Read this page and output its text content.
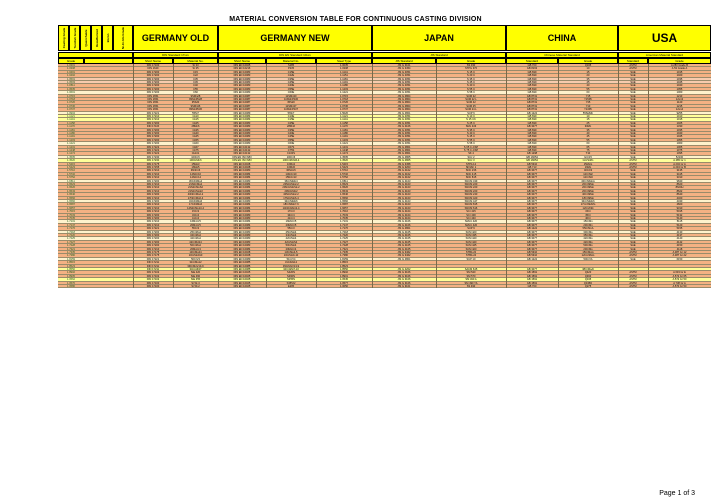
MATERIAL CONVERSION TABLE FOR CONTINUOUS CASTING DIVISION
Casting Grade Tundish Grade Quenchable Resulfurized Boron	Ni-Cr-Mo Grade	GERMANY OLD	GERMANY NEW	JAPAN	CHINA	USA
DIN Standard 17xxx	DIN EN Standard 10xxx	JIS Standard	Chinese Material Standard	American Material Standard
Grade	Short Name	Material No.	Short Name	Material No.	Steel Type	JIS Standard	Grade	Standard	Grade	Standard	Grade
1.0301	DIN 17100	St 33	DIN EN 10025	S185	1.0035	JIS G 3101	SS 330	GB 700	Q195	ASTM	A 283 Grade B
1.0308	DIN 1629	St 35	DIN EN 10216	P235	1.0308	JIS G 3454	STPG 370	GB 8163	10	ASTM	A 53 Grade A
1.0401	DIN 17200	C15	DIN EN 10083	C15E	1.1141	JIS G 4051	S 15 C	GB 699	15	SAE	1015
1.0402	DIN 17200	C22	DIN EN 10083	C22E	1.1151	JIS G 4051	S 20 C	GB 699	20	SAE	1020
1.0501	DIN 17200	C35	DIN EN 10083	C35E	1.1181	JIS G 4051	S 35 C	GB 699	35	SAE	1035
1.0503	DIN 17200	C45	DIN EN 10083	C45E	1.1191	JIS G 4051	S 45 C	GB 699	45	SAE	1045
1.0511	DIN 17200	C40	DIN EN 10083	C40E	1.1186	JIS G 4051	S 40 C	GB 699	40	SAE	1040
1.0535	DIN 17200	C55	DIN EN 10083	C55E	1.1203	JIS G 4051	S 55 C	GB 699	55	SAE	1055
1.0601	DIN 17200	C60	DIN EN 10083	C60E	1.1221	JIS G 4051	S 58 C	GB 699	60	SAE	1060
1.0715	DIN 1651	9SMn28	DIN EN 10087	11SMn30	1.0715	JIS G 4804	SUM 22	GB 8731	Y15	SAE	1213
1.0718	DIN 1651	9SMnPb28	DIN EN 10087	11SMnPb30	1.0718	JIS G 4804	SUM 22 L	GB 8731	Y15Pb	SAE	12L13
1.0726	DIN 1651	35S20	DIN EN 10087	35S20	1.0726	JIS G 4804	SUM 42	GB 8731	Y35	SAE	1140
1.0736	DIN 1651	9SMn36	DIN EN 10087	11SMn37	1.0736	JIS G 4804	SUM 25	GB 8731	Y13	SAE	1215
1.0737	DIN 1651	9SMnPb36	DIN EN 10087	11SMnPb37	1.0737	JIS G 4804	SUM 24 L	GB 8731	Y13Pb	SAE	12L14
1.0904	DIN 17221	55Si7	DIN EN 10089	56Si7	1.5026	JIS G 4801	SUP 6	GB 1222	55Si2Mn	SAE	9255
1.1121	DIN 17210	Ck10	DIN EN 10084	C10E	1.1121	JIS G 4051	S 10 C	GB 699	10	SAE	1010
1.1141	DIN 17210	Ck15	DIN EN 10084	C15E	1.1141	JIS G 4051	S 15 CK	GB 699	15	SAE	1015
1.1158	DIN 17200	Ck25	DIN EN 10083	C25E	1.1158	JIS G 4051	S 25 C	GB 699	25	SAE	1025
1.1170	DIN 17115	28Mn6	DIN EN 10083	28Mn6	1.1170	JIS G 4106	SMn 433	GB 3077	30Mn	SAE	1330
1.1181	DIN 17200	Ck35	DIN EN 10083	C35E	1.1181	JIS G 4051	S 35 C	GB 699	35	SAE	1035
1.1186	DIN 17200	Ck40	DIN EN 10083	C40E	1.1186	JIS G 4051	S 40 C	GB 699	40	SAE	1040
1.1191	DIN 17200	Ck45	DIN EN 10083	C45E	1.1191	JIS G 4051	S 45 C	GB 699	45	SAE	1045
1.1203	DIN 17200	Ck55	DIN EN 10083	C55E	1.1203	JIS G 4051	S 55 C	GB 699	55	SAE	1055
1.1221	DIN 17200	Ck60	DIN EN 10083	C60E	1.1221	JIS G 4051	S 58 C	GB 699	60	SAE	1060
1.1231	DIN 17222	Ck67	DIN EN 10132	C67S	1.1231	JIS G 4801	S 65 C-CSP	GB 699	65	SAE	1065
1.1248	DIN 17222	Ck75	DIN EN 10132	C75S	1.1248	JIS G 4801	S 75 C-CSP	GB 699	75	SAE	1075
1.1274	DIN 17222	Ck101	DIN EN 10132	C100S	1.1274	JIS G 4801	SK 4	GB 1298	T10	SAE	1095
1.3505	DIN 17230	100Cr6	DIN EN ISO 683	100Cr6	1.3505	JIS G 4805	SUJ 2	GB 18254	GCr15	SAE	52100
1.3520	DIN 17230	100CrMn6	DIN EN ISO 683	100CrMnSi6-4	1.3520	JIS G 4805	SUJ 3	GB 18254	GCrSiMn	ASTM	A 485 Gr 1
1.5415	DIN 17175	15Mo3	DIN EN 10028	16Mo3	1.5415	JIS G 3458	STPA 12	GB 5310	15MoG	ASTM	A 204 Gr A
1.5423	DIN 17155	16Mo5	DIN EN 10028	16Mo5	1.5423	JIS G 3203	SFVAF 1	GB 713	16Mo	ASTM	A 204 Gr B
1.5710	DIN 17210	36NiCr6	DIN EN 10083	36NiCr6	1.5710	JIS G 4102	SNC 236	GB 3077	40CrNi	SAE	3135
1.5732	DIN 17210	14NiCr10	DIN EN 10084	14NiCr10	1.5732	JIS G 4102	SNC 415	GB 3077	12CrNi2	SAE	3415
1.5752	DIN 17210	14NiCr14	DIN EN 10084	15NiCr13	1.5752	JIS G 4102	SNC 815	GB 3077	12CrNi3	SAE	3310
1.6511	DIN 17200	36CrNiMo4	DIN EN 10083	36CrNiMo4	1.6511	JIS G 4103	SNCM 439	GB 3077	40CrNiMoA	SAE	9840
1.6523	DIN 17210	21NiCrMo2	DIN EN 10084	20NiCrMo2-2	1.6523	JIS G 4103	SNCM 220	GB 3077	20CrNiMo	SAE	8620
1.6526	DIN 17210	21NiCrMoS2	DIN EN 10084	20NiCrMoS2-2	1.6526	JIS G 4103	SNCM 220	GB 3077	20CrNiMo	SAE	8620H
1.6543	DIN 17210	21NiCrMo22	DIN EN 10084	20NiCrMo2	1.6543	JIS G 4103	SNCM 220	GB 3077	20CrNiMo	SAE	8622
1.6546	DIN 17200	40NiCrMo2-2	DIN EN 10083	40NiCrMo2-2	1.6546	JIS G 4103	SNCM 240	GB 3077	40CrNiMo	SAE	8640
1.6566	DIN 17210	17NiCrMo6-4	DIN EN 10084	17NiCrMo6-4	1.6566	JIS G 4103	SNCM 420	GB 3077	18CrNiMo	SAE	4320
1.6582	DIN 17200	34CrNiMo6	DIN EN 10083	34CrNiMo6	1.6582	JIS G 4103	SNCM 447	GB 3077	34CrNiMo6	SAE	4340
1.6587	DIN 17210	17CrNiMo6	DIN EN 10084	18CrNiMo7-6	1.6587	JIS G 4103	SNCM 815	GB 3077	17Cr2Ni2Mo	SAE	4820
1.6657	DIN 17210	14NiCrMo13-4	DIN EN 10084	14NiCrMo13-4	1.6657	JIS G 4103	SNCM 616	GB 3077	12Cr2Ni4	SAE	9310
1.7015	DIN 17210	15Cr3	DIN EN 10084	17Cr3	1.7016	JIS G 4104	SCr 415	GB 3077	15Cr	SAE	5015
1.7033	DIN 17200	34Cr4	DIN EN 10083	34Cr4	1.7033	JIS G 4104	SCr 430	GB 3077	35Cr	SAE	5132
1.7035	DIN 17200	41Cr4	DIN EN 10083	41Cr4	1.7035	JIS G 4104	SCr 440	GB 3077	40Cr	SAE	5140
1.7131	DIN 17210	16MnCr5	DIN EN 10084	16MnCr5	1.7131	JIS G 4106	SMnC 420	GB 3077	15CrMn	SAE	5115
1.7147	DIN 17210	20MnCr5	DIN EN 10084	20MnCr5	1.7147	JIS G 4106	SMnC 420	GB 3077	20CrMn	SAE	5120
1.7176	DIN 17221	55Cr3	DIN EN 10089	55Cr3	1.7176	JIS G 4801	SUP 9	GB 1222	55CrMnA	SAE	5155
1.7218	DIN 17200	25CrMo4	DIN EN 10083	25CrMo4	1.7218	JIS G 4105	SCM 420	GB 3077	30CrMo	SAE	4130
1.7220	DIN 17200	34CrMo4	DIN EN 10083	34CrMo4	1.7220	JIS G 4105	SCM 435	GB 3077	35CrMo	SAE	4137
1.7225	DIN 17200	42CrMo4	DIN EN 10083	42CrMo4	1.7225	JIS G 4105	SCM 440	GB 3077	42CrMo	SAE	4140
1.7227	DIN 17200	42CrMoS4	DIN EN 10083	42CrMoS4	1.7227	JIS G 4105	SCM 440	GB 3077	42CrMo	SAE	4142
1.7228	DIN 17200	50CrMo4	DIN EN 10083	50CrMo4	1.7228	JIS G 4105	SCM 445	GB 3077	50CrMo	SAE	4150
1.7321	DIN 17210	20MoCr4	DIN EN 10084	20MoCr4	1.7321	JIS G 4105	SCM 420	GB 3077	20CrMo	SAE	4118
1.7335	DIN 17175	13CrMo44	DIN EN 10028	13CrMo4-5	1.7335	JIS G 3462	STBA 22	GB 5310	15CrMoG	ASTM	A 387 Gr 12
1.7380	DIN 17175	10CrMo910	DIN EN 10028	10CrMo9-10	1.7380	JIS G 3462	STBA 24	GB 5310	12Cr2MoG	ASTM	A 387 Gr 22
1.8159	DIN 17221	50CrV4	DIN EN 10089	51CrV4	1.8159	JIS G 4801	SUP 10	GB 1222	50CrVA	SAE	6150
1.8515	DIN 17211	31CrMo12	DIN EN 10085	31CrMo12	1.8515
1.8523	DIN 17211	39CrMoV13-9	DIN EN 10085	39CrMoV13-9	1.8523
1.8550	DIN 17211	34CrAlNi7	DIN EN 10085	34CrAlNi7-10	1.8550	JIS G 4202	SACM 645	GB 3077	38CrMoAl
1.8902	DIN 17102	StE 420	DIN EN 10025	S420N	1.8902	JIS G 3106	SM 520	GB 1591	Q420	ASTM	A 633 Gr E
1.8905	DIN 17102	StE 460	DIN EN 10025	S460N	1.8901	JIS G 3106	SM 570	GB 1591	Q460	ASTM	A 572 Gr 65
1.0562	DIN 17102	StE 355	DIN EN 10025	S355N	1.0545	JIS G 3106	SM 490 A	GB 1591	Q345	ASTM	A 572 Gr 50
1.0570	DIN 17100	St 52-3	DIN EN 10025	S355J2	1.0577	JIS G 3106	SM 490 YA	GB 1591	Q345D	ASTM	A 738 Gr A
1.0580	DIN 17100	St 50-2	DIN EN 10025	E295	1.0050	JIS G 3101	SS 490	GB 700	Q275	ASTM	A 570 Gr 50
Page 1 of 3
